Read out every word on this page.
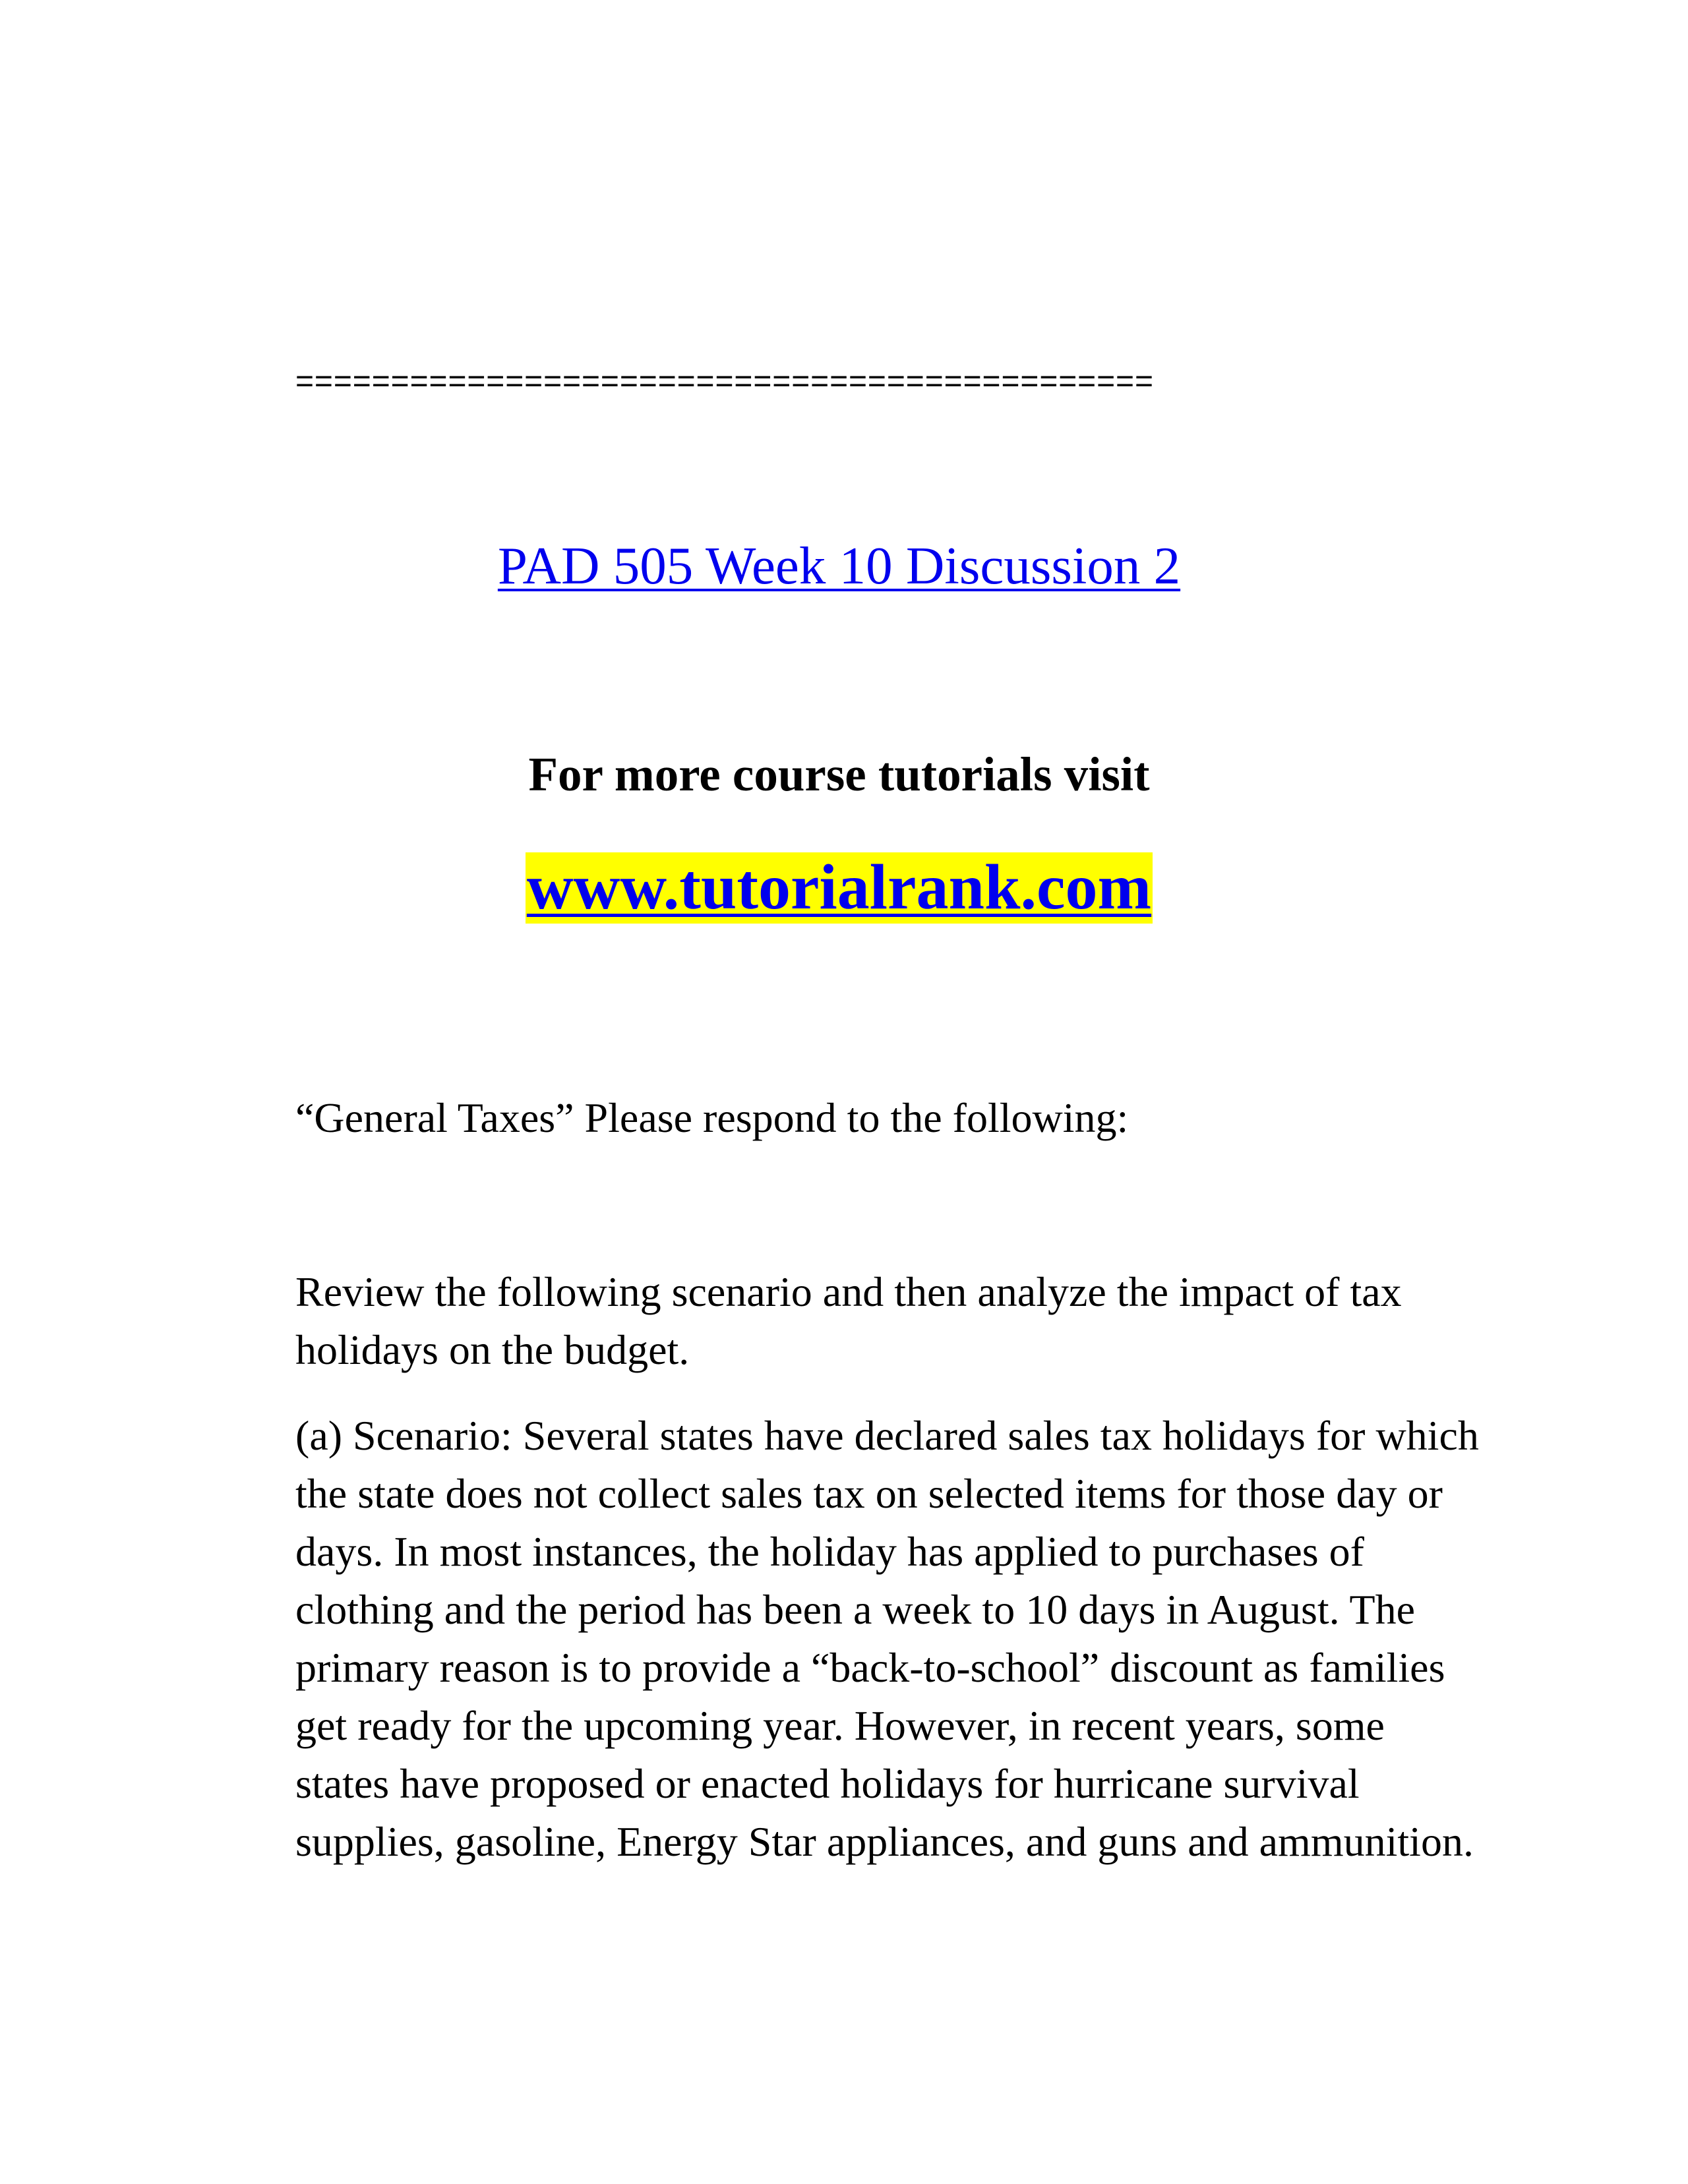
=============================================
PAD 505 Week 10 Discussion 2
For more course tutorials visit
www.tutorialrank.com

“General Taxes” Please respond to the following:

Review the following scenario and then analyze the impact of tax holidays on the budget.

(a) Scenario: Several states have declared sales tax holidays for which the state does not collect sales tax on selected items for those day or days. In most instances, the holiday has applied to purchases of clothing and the period has been a week to 10 days in August. The primary reason is to provide a “back-to-school” discount as families get ready for the upcoming year. However, in recent years, some states have proposed or enacted holidays for hurricane survival supplies, gasoline, Energy Star appliances, and guns and ammunition.
